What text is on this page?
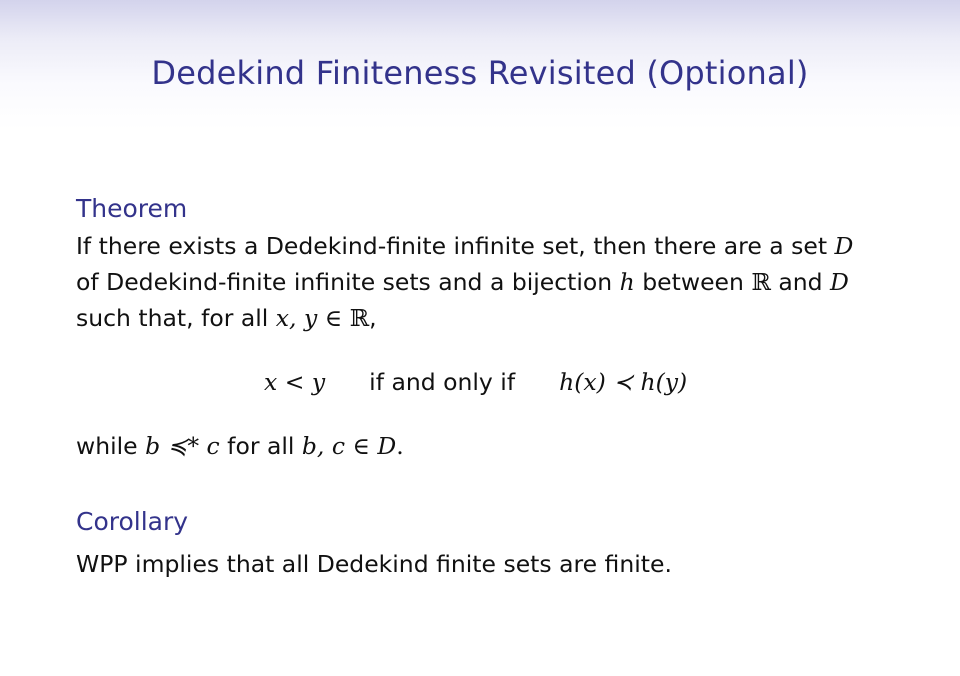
Dedekind Finiteness Revisited (Optional)
Theorem
If there exists a Dedekind-finite infinite set, then there are a set D
of Dedekind-finite infinite sets and a bijection h between ℝ and D
such that, for all x, y ∈ ℝ,
x < y if and only if h(x) ≺ h(y)
while b ≼* c for all b, c ∈ D.
Corollary
WPP implies that all Dedekind finite sets are finite.
